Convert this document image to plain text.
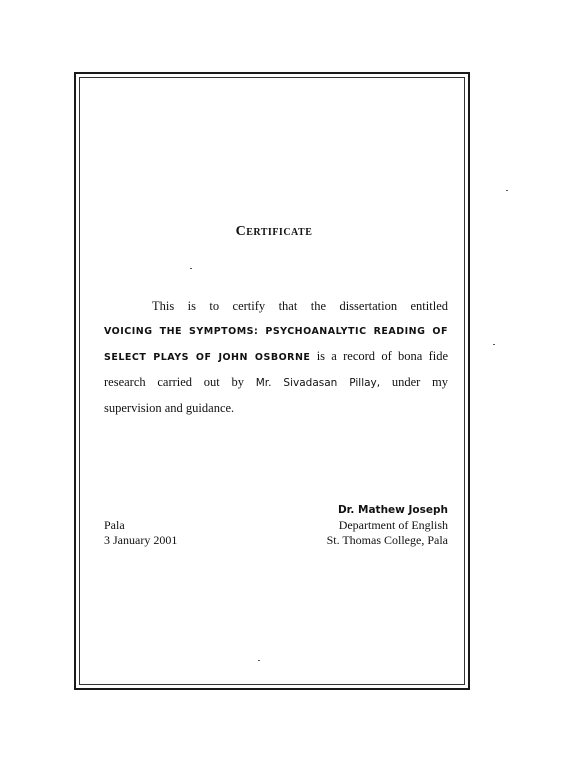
Certificate
This is to certify that the dissertation entitled
VOICING THE SYMPTOMS: PSYCHOANALYTIC READING OF
SELECT PLAYS OF JOHN OSBORNE is a record of bona fide
research carried out by Mr. Sivadasan Pillay, under my
supervision and guidance.
Dr. Mathew Joseph
Department of English
St. Thomas College, Pala
Pala
3 January 2001
